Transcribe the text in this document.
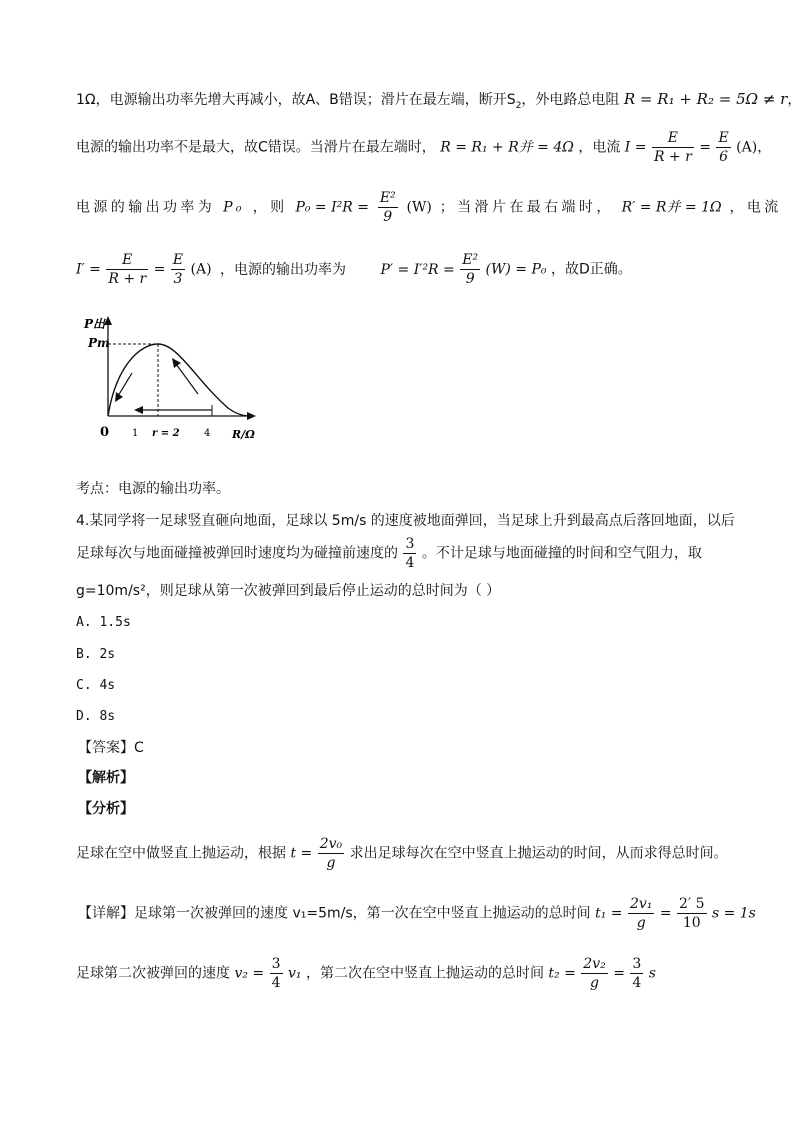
1Ω，电源输出功率先增大再减小，故A、B错误；滑片在最左端，断开$S_2$，外电路总电阻 R = R₁ + R₂ = 5Ω ≠ r，
电源的输出功率不是最大，故C错误。当滑片在最左端时， R = R₁ + R并 = 4Ω ，电流 $I = \frac{E}{R + r} = \frac{E}{6} (A)$，
电源的输出功率为 P₀ ，则 $P_0 = I^2R = \frac{\text{E²}}{9} (W)$ ；当滑片在最右端时， R′ = R并 = 1Ω ，电流
$I' = \frac{E}{R + r} = \frac{E}{3} (A)$ ，电源的输出功率为 $P' = I'^2R = \frac{\text{E²}}{9} (W) = P_0$ ，故D正确。
P出
Pm
0 1 r = 2 4 R/Ω
考点：电源的输出功率。
4.某同学将一足球竖直砸向地面，足球以 5m/s 的速度被地面弹回，当足球上升到最高点后落回地面，以后
足球每次与地面碰撞被弹回时速度均为碰撞前速度的 $\frac{3}{4}$ 。不计足球与地面碰撞的时间和空气阻力，取
g=10m/s²，则足球从第一次被弹回到最后停止运动的总时间为（ ）
A. 1.5s
B. 2s
C. 4s
D. 8s
【答案】C
【解析】
【分析】
足球在空中做竖直上抛运动，根据 $t = \frac{\text{2v₀}}{g}$ 求出足球每次在空中竖直上抛运动的时间，从而求得总时间。
【详解】足球第一次被弹回的速度 v₁=5m/s，第一次在空中竖直上抛运动的总时间 $t_1 = \frac{\text{2v₁}}{g} = \frac{2' 5}{10}$ s = 1s
足球第二次被弹回的速度 $v_2 = \frac{3}{4} v_1$ ，第二次在空中竖直上抛运动的总时间 $t_2 = \frac{\text{2v₂}}{g} = \frac{3}{4}$ s
